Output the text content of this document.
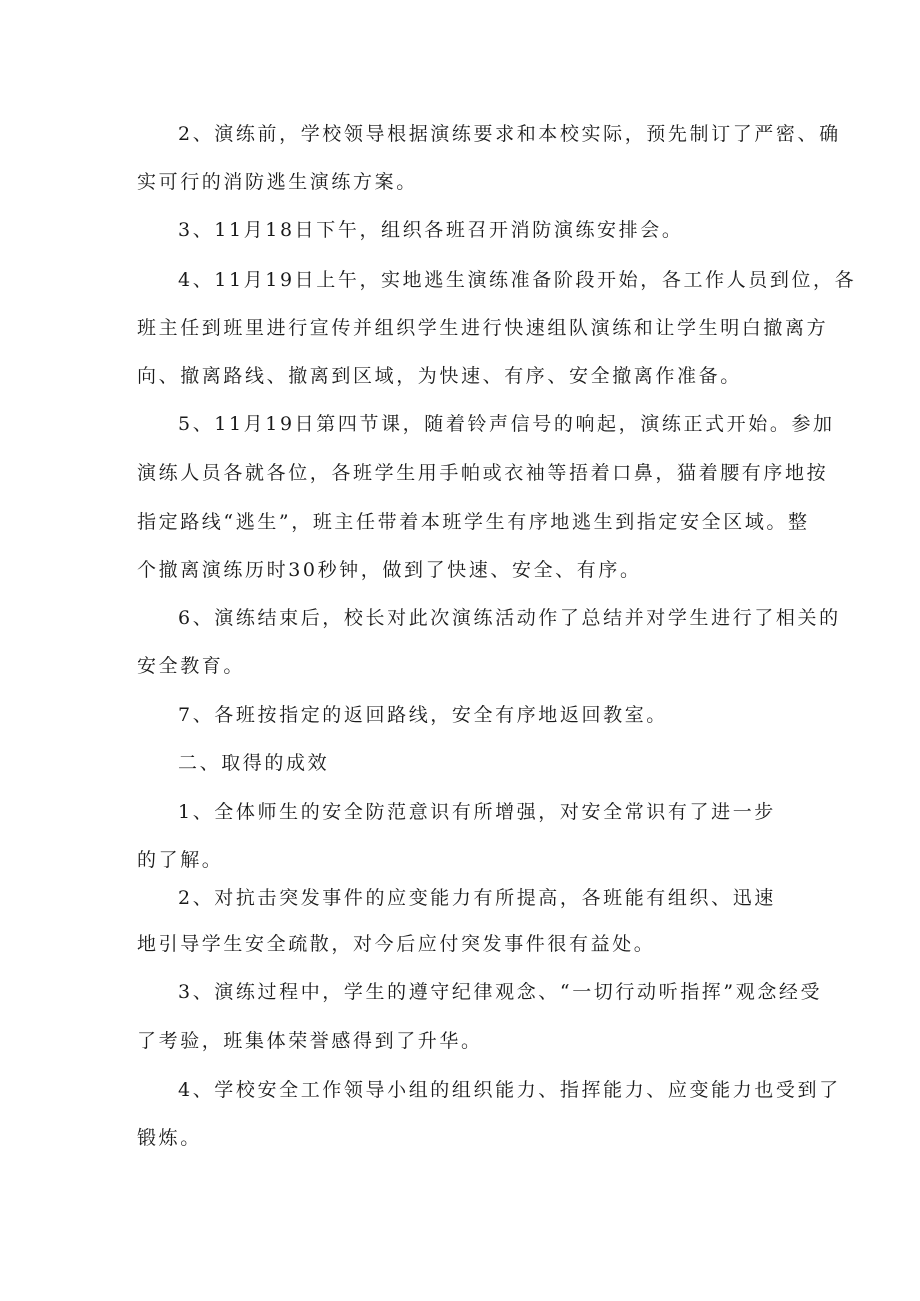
2、演练前，学校领导根据演练要求和本校实际，预先制订了严密、确
实可行的消防逃生演练方案。
3、11月18日下午，组织各班召开消防演练安排会。
4、11月19日上午，实地逃生演练准备阶段开始，各工作人员到位，各
班主任到班里进行宣传并组织学生进行快速组队演练和让学生明白撤离方
向、撤离路线、撤离到区域，为快速、有序、安全撤离作准备。
5、11月19日第四节课，随着铃声信号的响起，演练正式开始。参加
演练人员各就各位，各班学生用手帕或衣袖等捂着口鼻，猫着腰有序地按
指定路线“逃生”，班主任带着本班学生有序地逃生到指定安全区域。整
个撤离演练历时30秒钟，做到了快速、安全、有序。
6、演练结束后，校长对此次演练活动作了总结并对学生进行了相关的
安全教育。
7、各班按指定的返回路线，安全有序地返回教室。
二、取得的成效
1、全体师生的安全防范意识有所增强，对安全常识有了进一步
的了解。
2、对抗击突发事件的应变能力有所提高，各班能有组织、迅速
地引导学生安全疏散，对今后应付突发事件很有益处。
3、演练过程中，学生的遵守纪律观念、“一切行动听指挥”观念经受
了考验，班集体荣誉感得到了升华。
4、学校安全工作领导小组的组织能力、指挥能力、应变能力也受到了
锻炼。
